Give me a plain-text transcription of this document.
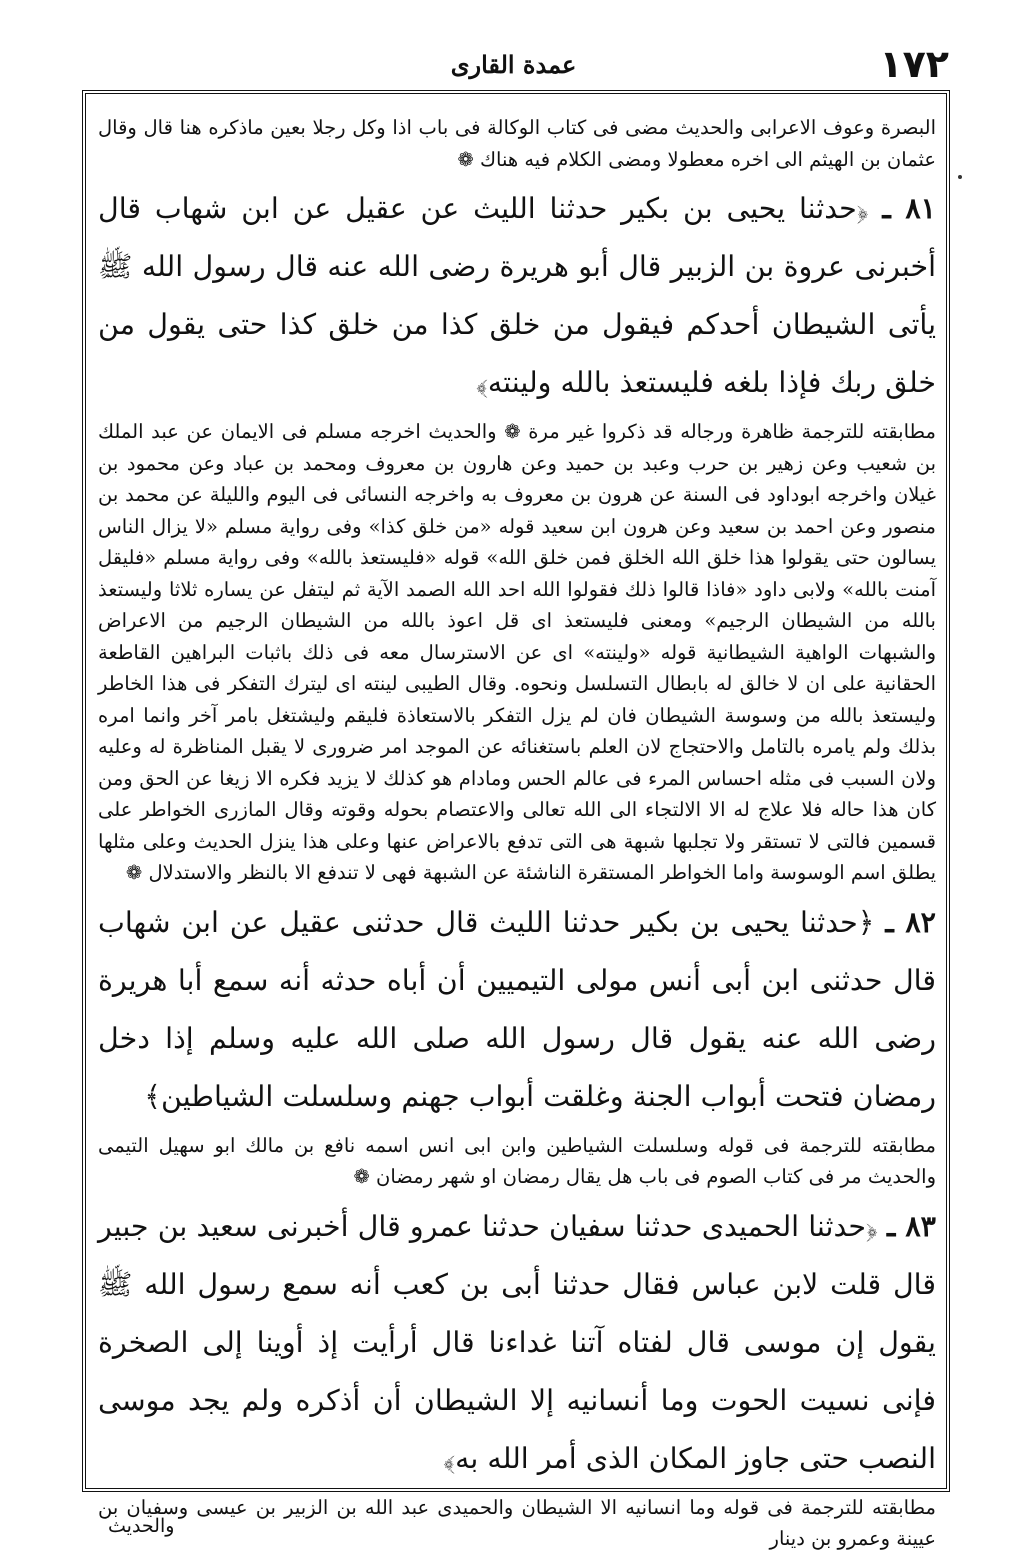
١٧٢
عمدة القاری

البصرة وعوف الاعرابی والحدیث مضى فی کتاب الوکالة فی باب اذا وکل رجلا بعین ماذکره هنا قال وقال عثمان بن الهیثم الى اخره معطولا ومضى الکلام فیه هناك ❁

٨١ ـ ﴿حدثنا یحیى بن بکیر حدثنا اللیث عن عقیل عن ابن شهاب قال أخبرنی عروة بن الزبیر قال أبو هریرة رضی الله عنه قال رسول الله ﷺ یأتی الشیطان أحدکم فیقول من خلق کذا من خلق کذا حتى یقول من خلق ربك فإذا بلغه فلیستعذ بالله ولینته﴾

مطابقته للترجمة ظاهرة ورجاله قد ذکروا غیر مرة ❁ والحدیث اخرجه مسلم فی الایمان عن عبد الملك بن شعیب وعن زهیر بن حرب وعبد بن حمید وعن هارون بن معروف ومحمد بن عباد وعن محمود بن غیلان واخرجه ابوداود فی السنة عن هرون بن معروف به واخرجه النسائی فی الیوم واللیلة عن محمد بن منصور وعن احمد بن سعید وعن هرون ابن سعید قوله «من خلق کذا» وفی روایة مسلم «لا یزال الناس یسالون حتى یقولوا هذا خلق الله الخلق فمن خلق الله» قوله «فلیستعذ بالله» وفی روایة مسلم «فلیقل آمنت بالله» ولابی داود «فاذا قالوا ذلك فقولوا الله احد الله الصمد الآیة ثم لیتفل عن یساره ثلاثا ولیستعذ بالله من الشیطان الرجیم» ومعنى فلیستعذ ای قل اعوذ بالله من الشیطان الرجیم من الاعراض والشبهات الواهیة الشیطانیة قوله «ولینته» ای عن الاسترسال معه فی ذلك باثبات البراهین القاطعة الحقانیة على ان لا خالق له بابطال التسلسل ونحوه. وقال الطیبی لینته ای لیترك التفکر فی هذا الخاطر ولیستعذ بالله من وسوسة الشیطان فان لم یزل التفکر بالاستعاذة فلیقم ولیشتغل بامر آخر وانما امره بذلك ولم یامره بالتامل والاحتجاج لان العلم باستغنائه عن الموجد امر ضروری لا یقبل المناظرة له وعلیه ولان السبب فی مثله احساس المرء فی عالم الحس ومادام هو کذلك لا یزید فکره الا زیغا عن الحق ومن کان هذا حاله فلا علاج له الا الالتجاء الى الله تعالى والاعتصام بحوله وقوته وقال المازری الخواطر على قسمین فالتی لا تستقر ولا تجلبها شبهة هی التی تدفع بالاعراض عنها وعلى هذا ینزل الحدیث وعلى مثلها یطلق اسم الوسوسة واما الخواطر المستقرة الناشئة عن الشبهة فهی لا تندفع الا بالنظر والاستدلال ❁

٨٢ ـ ﴿حدثنا یحیى بن بکیر حدثنا اللیث قال حدثنی عقیل عن ابن شهاب قال حدثنی ابن أبی أنس مولى التیمیین أن أباه حدثه أنه سمع أبا هریرة رضی الله عنه یقول قال رسول الله صلى الله علیه وسلم إذا دخل رمضان فتحت أبواب الجنة وغلقت أبواب جهنم وسلسلت الشیاطین﴾

مطابقته للترجمة فی قوله وسلسلت الشیاطین وابن ابی انس اسمه نافع بن مالك ابو سهیل التیمی والحدیث مر فی کتاب الصوم فی باب هل یقال رمضان او شهر رمضان ❁

٨٣ ـ ﴿حدثنا الحمیدی حدثنا سفیان حدثنا عمرو قال أخبرنی سعید بن جبیر قال قلت لابن عباس فقال حدثنا أبی بن کعب أنه سمع رسول الله ﷺ یقول إن موسى قال لفتاه آتنا غداءنا قال أرأیت إذ أوینا إلى الصخرة فإنی نسیت الحوت وما أنسانیه إلا الشیطان أن أذکره ولم یجد موسى النصب حتى جاوز المکان الذی أمر الله به﴾

مطابقته للترجمة فی قوله وما انسانیه الا الشیطان والحمیدی عبد الله بن الزبیر بن عیسى وسفیان بن عیینة وعمرو بن دینار

والحدیث
